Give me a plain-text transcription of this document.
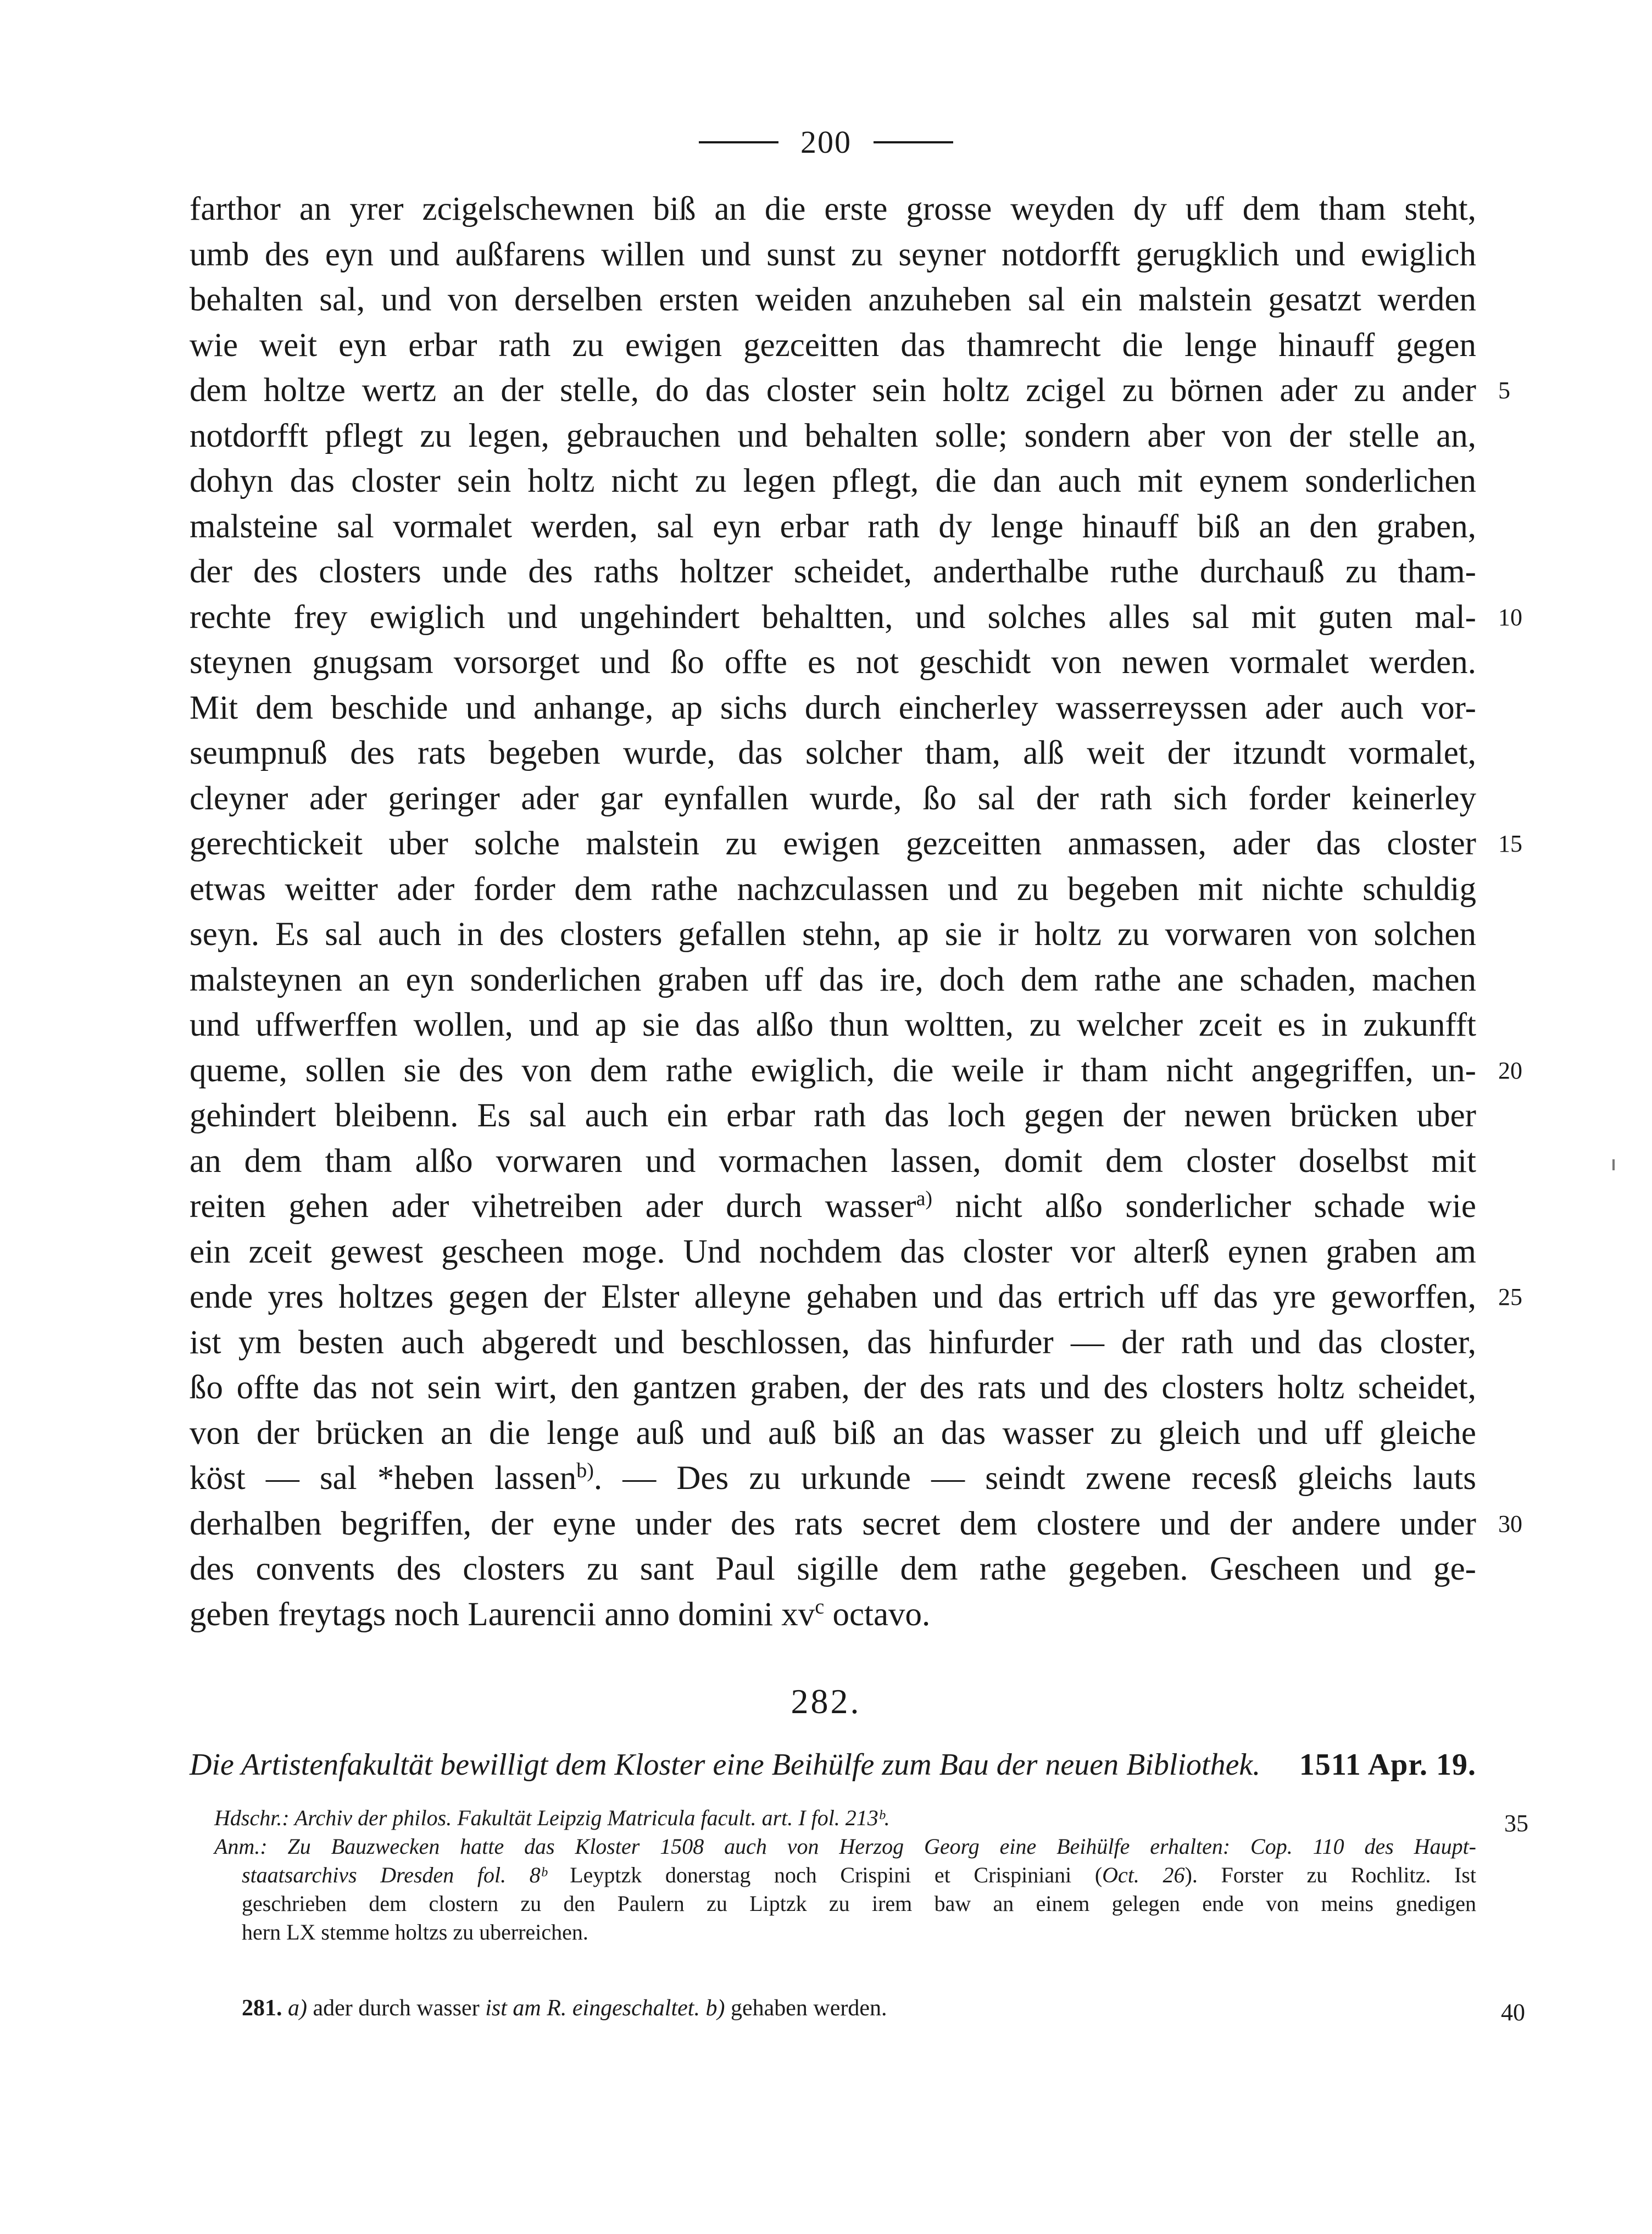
200
farthor an yrer zcigelschewnen biß an die erste grosse weyden dy uff dem tham steht,
umb des eyn und außfarens willen und sunst zu seyner notdorfft gerugklich und ewiglich
behalten sal, und von derselben ersten weiden anzuheben sal ein malstein gesatzt werden
wie weit eyn erbar rath zu ewigen gezceitten das thamrecht die lenge hinauff gegen
dem holtze wertz an der stelle, do das closter sein holtz zcigel zu börnen ader zu ander 5
notdorfft pflegt zu legen, gebrauchen und behalten solle; sondern aber von der stelle an,
dohyn das closter sein holtz nicht zu legen pflegt, die dan auch mit eynem sonderlichen
malsteine sal vormalet werden, sal eyn erbar rath dy lenge hinauff biß an den graben,
der des closters unde des raths holtzer scheidet, anderthalbe ruthe durchauß zu tham-
rechte frey ewiglich und ungehindert behaltten, und solches alles sal mit guten mal- 10
steynen gnugsam vorsorget und ßo offte es not geschidt von newen vormalet werden.
Mit dem beschide und anhange, ap sichs durch eincherley wasserreyssen ader auch vor-
seumpnuß des rats begeben wurde, das solcher tham, alß weit der itzundt vormalet,
cleyner ader geringer ader gar eynfallen wurde, ßo sal der rath sich forder keinerley
gerechtickeit uber solche malstein zu ewigen gezceitten anmassen, ader das closter 15
etwas weitter ader forder dem rathe nachzculassen und zu begeben mit nichte schuldig
seyn. Es sal auch in des closters gefallen stehn, ap sie ir holtz zu vorwaren von solchen
malsteynen an eyn sonderlichen graben uff das ire, doch dem rathe ane schaden, machen
und uffwerffen wollen, und ap sie das alßo thun woltten, zu welcher zceit es in zukunfft
queme, sollen sie des von dem rathe ewiglich, die weile ir tham nicht angegriffen, un- 20
gehindert bleibenn. Es sal auch ein erbar rath das loch gegen der newen brücken uber
an dem tham alßo vorwaren und vormachen lassen, domit dem closter doselbst mit
reiten gehen ader vihetreiben ader durch wasser$^{a)}$ nicht alßo sonderlicher schade wie
ein zceit gewest gescheen moge. Und nochdem das closter vor alterß eynen graben am
ende yres holtzes gegen der Elster alleyne gehaben und das ertrich uff das yre geworffen, 25
ist ym besten auch abgeredt und beschlossen, das hinfurder — der rath und das closter,
ßo offte das not sein wirt, den gantzen graben, der des rats und des closters holtz scheidet,
von der brücken an die lenge auß und auß biß an das wasser zu gleich und uff gleiche
köst — sal *heben lassen$^{b)}$. — Des zu urkunde — seindt zwene recesß gleichs lauts
derhalben begriffen, der eyne under des rats secret dem clostere und der andere under 30
des convents des closters zu sant Paul sigille dem rathe gegeben. Gescheen und ge-
geben freytags noch Laurencii anno domini $xv^c$ octavo.
282.
Die Artistenfakultät bewilligt dem Kloster eine Beihülfe zum Bau der neuen Bibliothek. 1511 Apr. 19.
Hdschr.: Archiv der philos. Fakultät Leipzig Matricula facult. art. I fol. 213ᵇ.	35
Anm.: Zu Bauzwecken hatte das Kloster 1508 auch von Herzog Georg eine Beihülfe erhalten: Cop. 110 des Haupt-
staatsarchivs Dresden fol. 8ᵇ Leyptzk donerstag noch Crispini et Crispiniani (Oct. 26). Forster zu Rochlitz. Ist
geschrieben dem clostern zu den Paulern zu Liptzk zu irem baw an einem gelegen ende von meins gnedigen
hern LX stemme holtzs zu uberreichen.
281. a) ader durch wasser ist am R. eingeschaltet. b) gehaben werden.	40
